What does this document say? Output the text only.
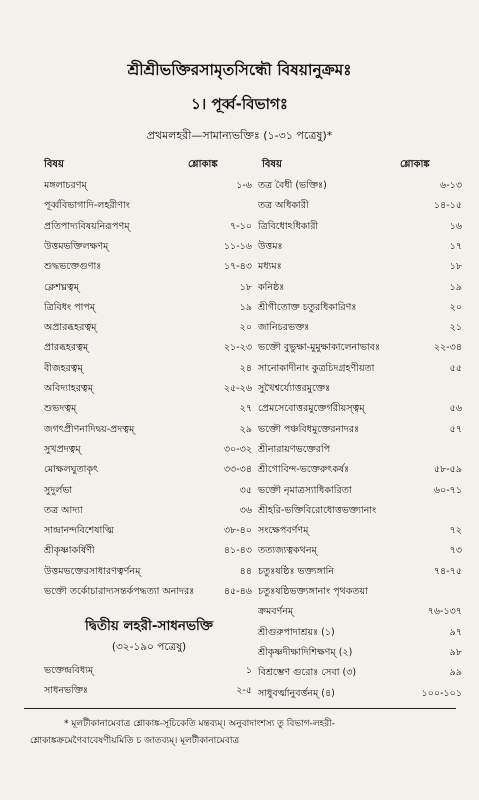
শ্রীশ্রীভক্তিরসামৃতসিন্ধৌ বিষয়ানুক্রমঃ
১। পূর্ব্ব-বিভাগঃ
প্রথমলহরী—সামান্যভক্তিঃ (১-৩১ পত্রেষু)*
বিষয়	শ্লোকাঙ্ক	বিষয়	শ্লোকাঙ্ক
মঙ্গলাচরণম্	১-৬
পূর্ব্ববিভাগাদি-লহরীণাং
প্রতিপাদ্যবিষয়নিরূপণম্	৭-১০
উত্তমভক্তিলক্ষণম্	১১-১৬
শুদ্ধভক্তেগুণাঃ	১৭-৪৩
ক্লেশঘ্নত্বম্	১৮
ত্রিবিধং পাপম্	১৯
অপ্রারব্ধহরত্বম্	২০
প্রারব্ধহরত্বম্	২১-২৩
বীজহরত্বম্	২৪
অবিদ্যাহরত্বম্	২৫-২৬
শুভদত্বম্	২৭
জগৎপ্রীণনাদিদ্বয়-প্রদত্বম্	২৯
সুখপ্রদত্বম্	৩০-৩২
মোক্ষলঘুতাকৃৎ	৩৩-৩৪
সুদুর্লভা	৩৫
তত্র আদ্যা	৩৬
সান্দ্রানন্দবিশেষাত্মি	৩৮-৪০
শ্রীকৃষ্ণাকর্ষিণী	৪১-৪৩
উত্তমভক্তেরসাধারণত্বর্ণনম্	৪৪
ভক্তৌ তর্কোচারাদ্যসন্তর্কপদ্ধত্যা অনাদরঃ	৪৫-৪৬
তত্র বৈধী (ভক্তিঃ)	৬-১৩
তত্র অধিকারী	১৪-১৫
ত্রিবিধোঽধিকারী	১৬
উত্তমঃ	১৭
মধ্যমঃ	১৮
কনিষ্ঠঃ	১৯
শ্রীগীতোক্ত চতুরধিকারিণঃ	২০
জানিচরভক্তঃ	২১
ভক্তৌ বুভুক্ষা-মুমুক্ষাকালেনাভাবঃ	২২-৩৪
সানোকাদীনাং কুত্রচিদগ্রহণীয়তা	৫৫
সুখৈশ্বর্য্যোত্তরমুক্তেঃ
প্রেমসেবোত্তরমুক্তের্গরীয়স্ত্বম্	৫৬
ভক্তৌ পঞ্চবিধমুক্তেরনাদরঃ	৫৭
শ্রীনারায়ণভক্তেরপি
শ্রীগোবিন্দ-ভক্তেরুৎকর্ষঃ	৫৮-৫৯
ভক্তৌ নৃমাত্রস্যাধিকারিতা	৬০-৭১
শ্রীহরি-ভক্তিবিরোধোত্তভক্ত্যানাং
সংক্ষেপবর্ণণম্	৭২
তত্যজ্যত্বকথনম্	৭৩
চতুঃষষ্ঠিঃ ভক্ত্যঙ্গানি	৭৪-৭৫
চতুঃষষ্ঠিভক্ত্যঙ্গানাং পৃথকতয়া
ক্রমবর্ণনম্	৭৬-১৩৭
শ্রীগুরুপাদাশ্রয়ঃ (১)	৯৭
শ্রীকৃষ্ণদীক্ষাদিশিক্ষণম্ (২)	৯৮
বিশ্রম্ভেণ গুরোঃ সেবা (৩)	৯৯
সাধুবর্ত্মানুবর্ত্তনম্ (৪)	১০০-১০১
দ্বিতীয় লহরী-সাধনভক্তি
(৩২-১৯০ পত্রেষু)
ভক্তেন্দ্রবিধ্যম্	১
সাধনভক্তিঃ	২-৫
* মূলটীকানামেবাত্র শ্লোকাঙ্ক-সূচিকেতি মন্তব্যম্। অনুবাদাংশস্য তু বিভাগ-লহরী-
শ্লোকাঙ্কক্রমেণৈবাবেষণীয়মিতি চ জাতব্যম্। মূলটীকানামেবাত্র
